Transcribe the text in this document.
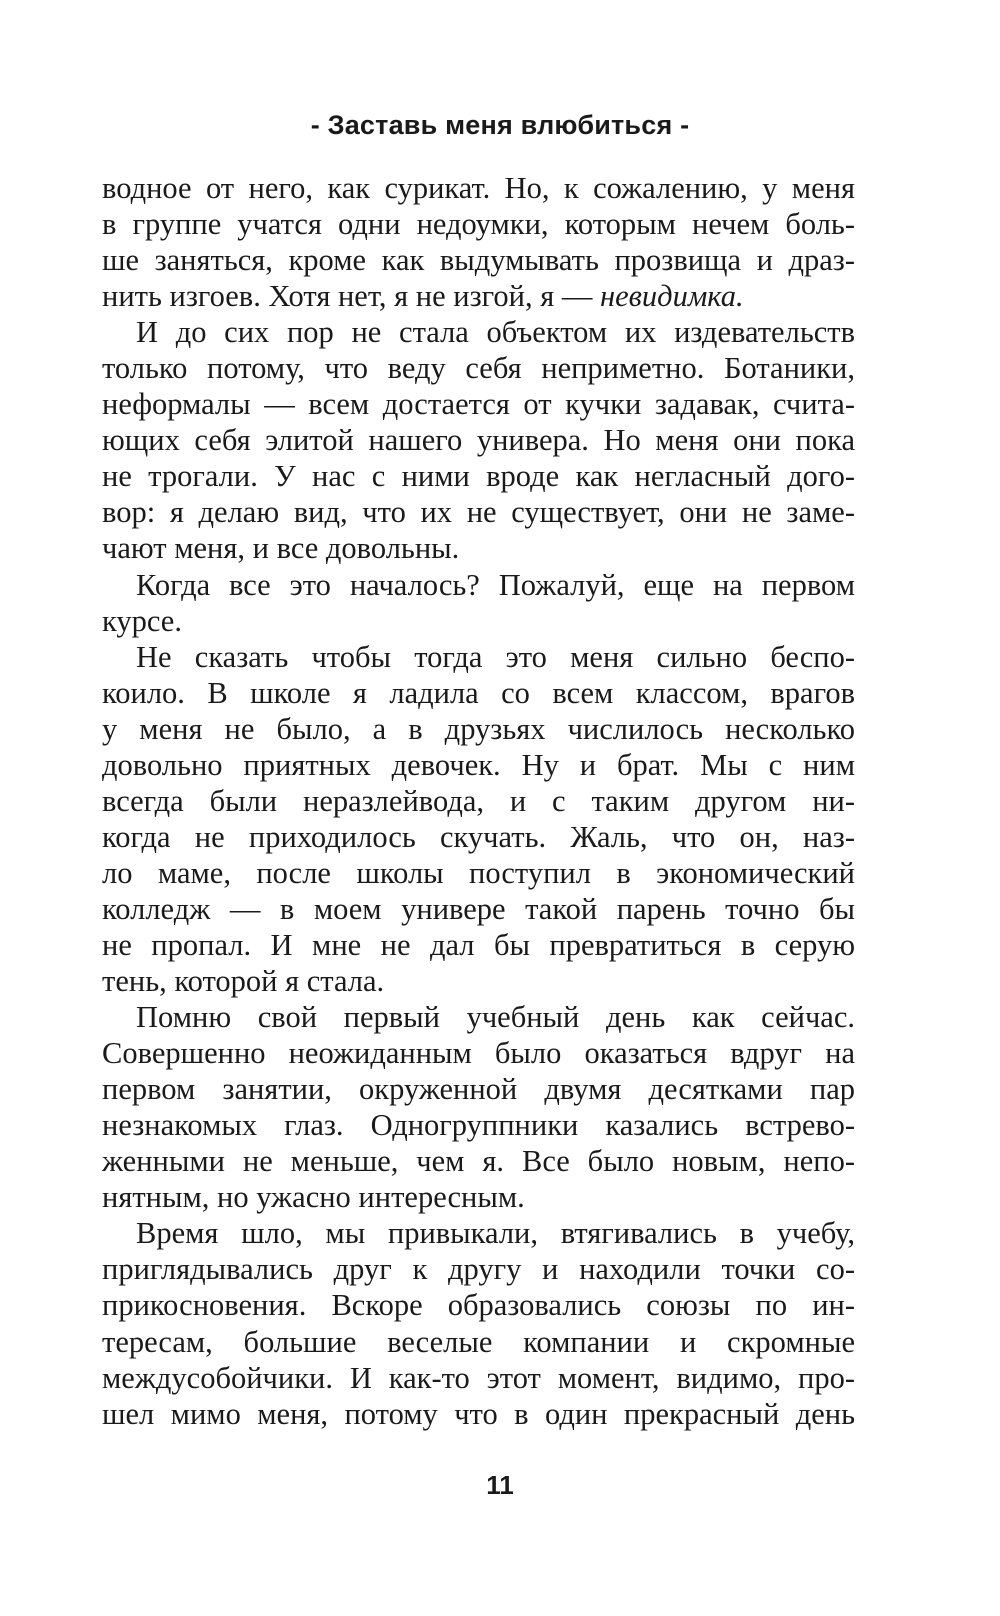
- Заставь меня влюбиться -
водное от него, как сурикат. Но, к сожалению, у меня
в группе учатся одни недоумки, которым нечем боль-
ше заняться, кроме как выдумывать прозвища и драз-
нить изгоев. Хотя нет, я не изгой, я — невидимка.
И до сих пор не стала объектом их издевательств
только потому, что веду себя неприметно. Ботаники,
неформалы — всем достается от кучки задавак, счита-
ющих себя элитой нашего универа. Но меня они пока
не трогали. У нас с ними вроде как негласный дого-
вор: я делаю вид, что их не существует, они не заме-
чают меня, и все довольны.
Когда все это началось? Пожалуй, еще на первом
курсе.
Не сказать чтобы тогда это меня сильно беспо-
коило. В школе я ладила со всем классом, врагов
у меня не было, а в друзьях числилось несколько
довольно приятных девочек. Ну и брат. Мы с ним
всегда были неразлейвода, и с таким другом ни-
когда не приходилось скучать. Жаль, что он, наз-
ло маме, после школы поступил в экономический
колледж — в моем универе такой парень точно бы
не пропал. И мне не дал бы превратиться в серую
тень, которой я стала.
Помню свой первый учебный день как сейчас.
Совершенно неожиданным было оказаться вдруг на
первом занятии, окруженной двумя десятками пар
незнакомых глаз. Одногруппники казались встрево-
женными не меньше, чем я. Все было новым, непо-
нятным, но ужасно интересным.
Время шло, мы привыкали, втягивались в учебу,
приглядывались друг к другу и находили точки со-
прикосновения. Вскоре образовались союзы по ин-
тересам, большие веселые компании и скромные
междусобойчики. И как-то этот момент, видимо, про-
шел мимо меня, потому что в один прекрасный день
11
